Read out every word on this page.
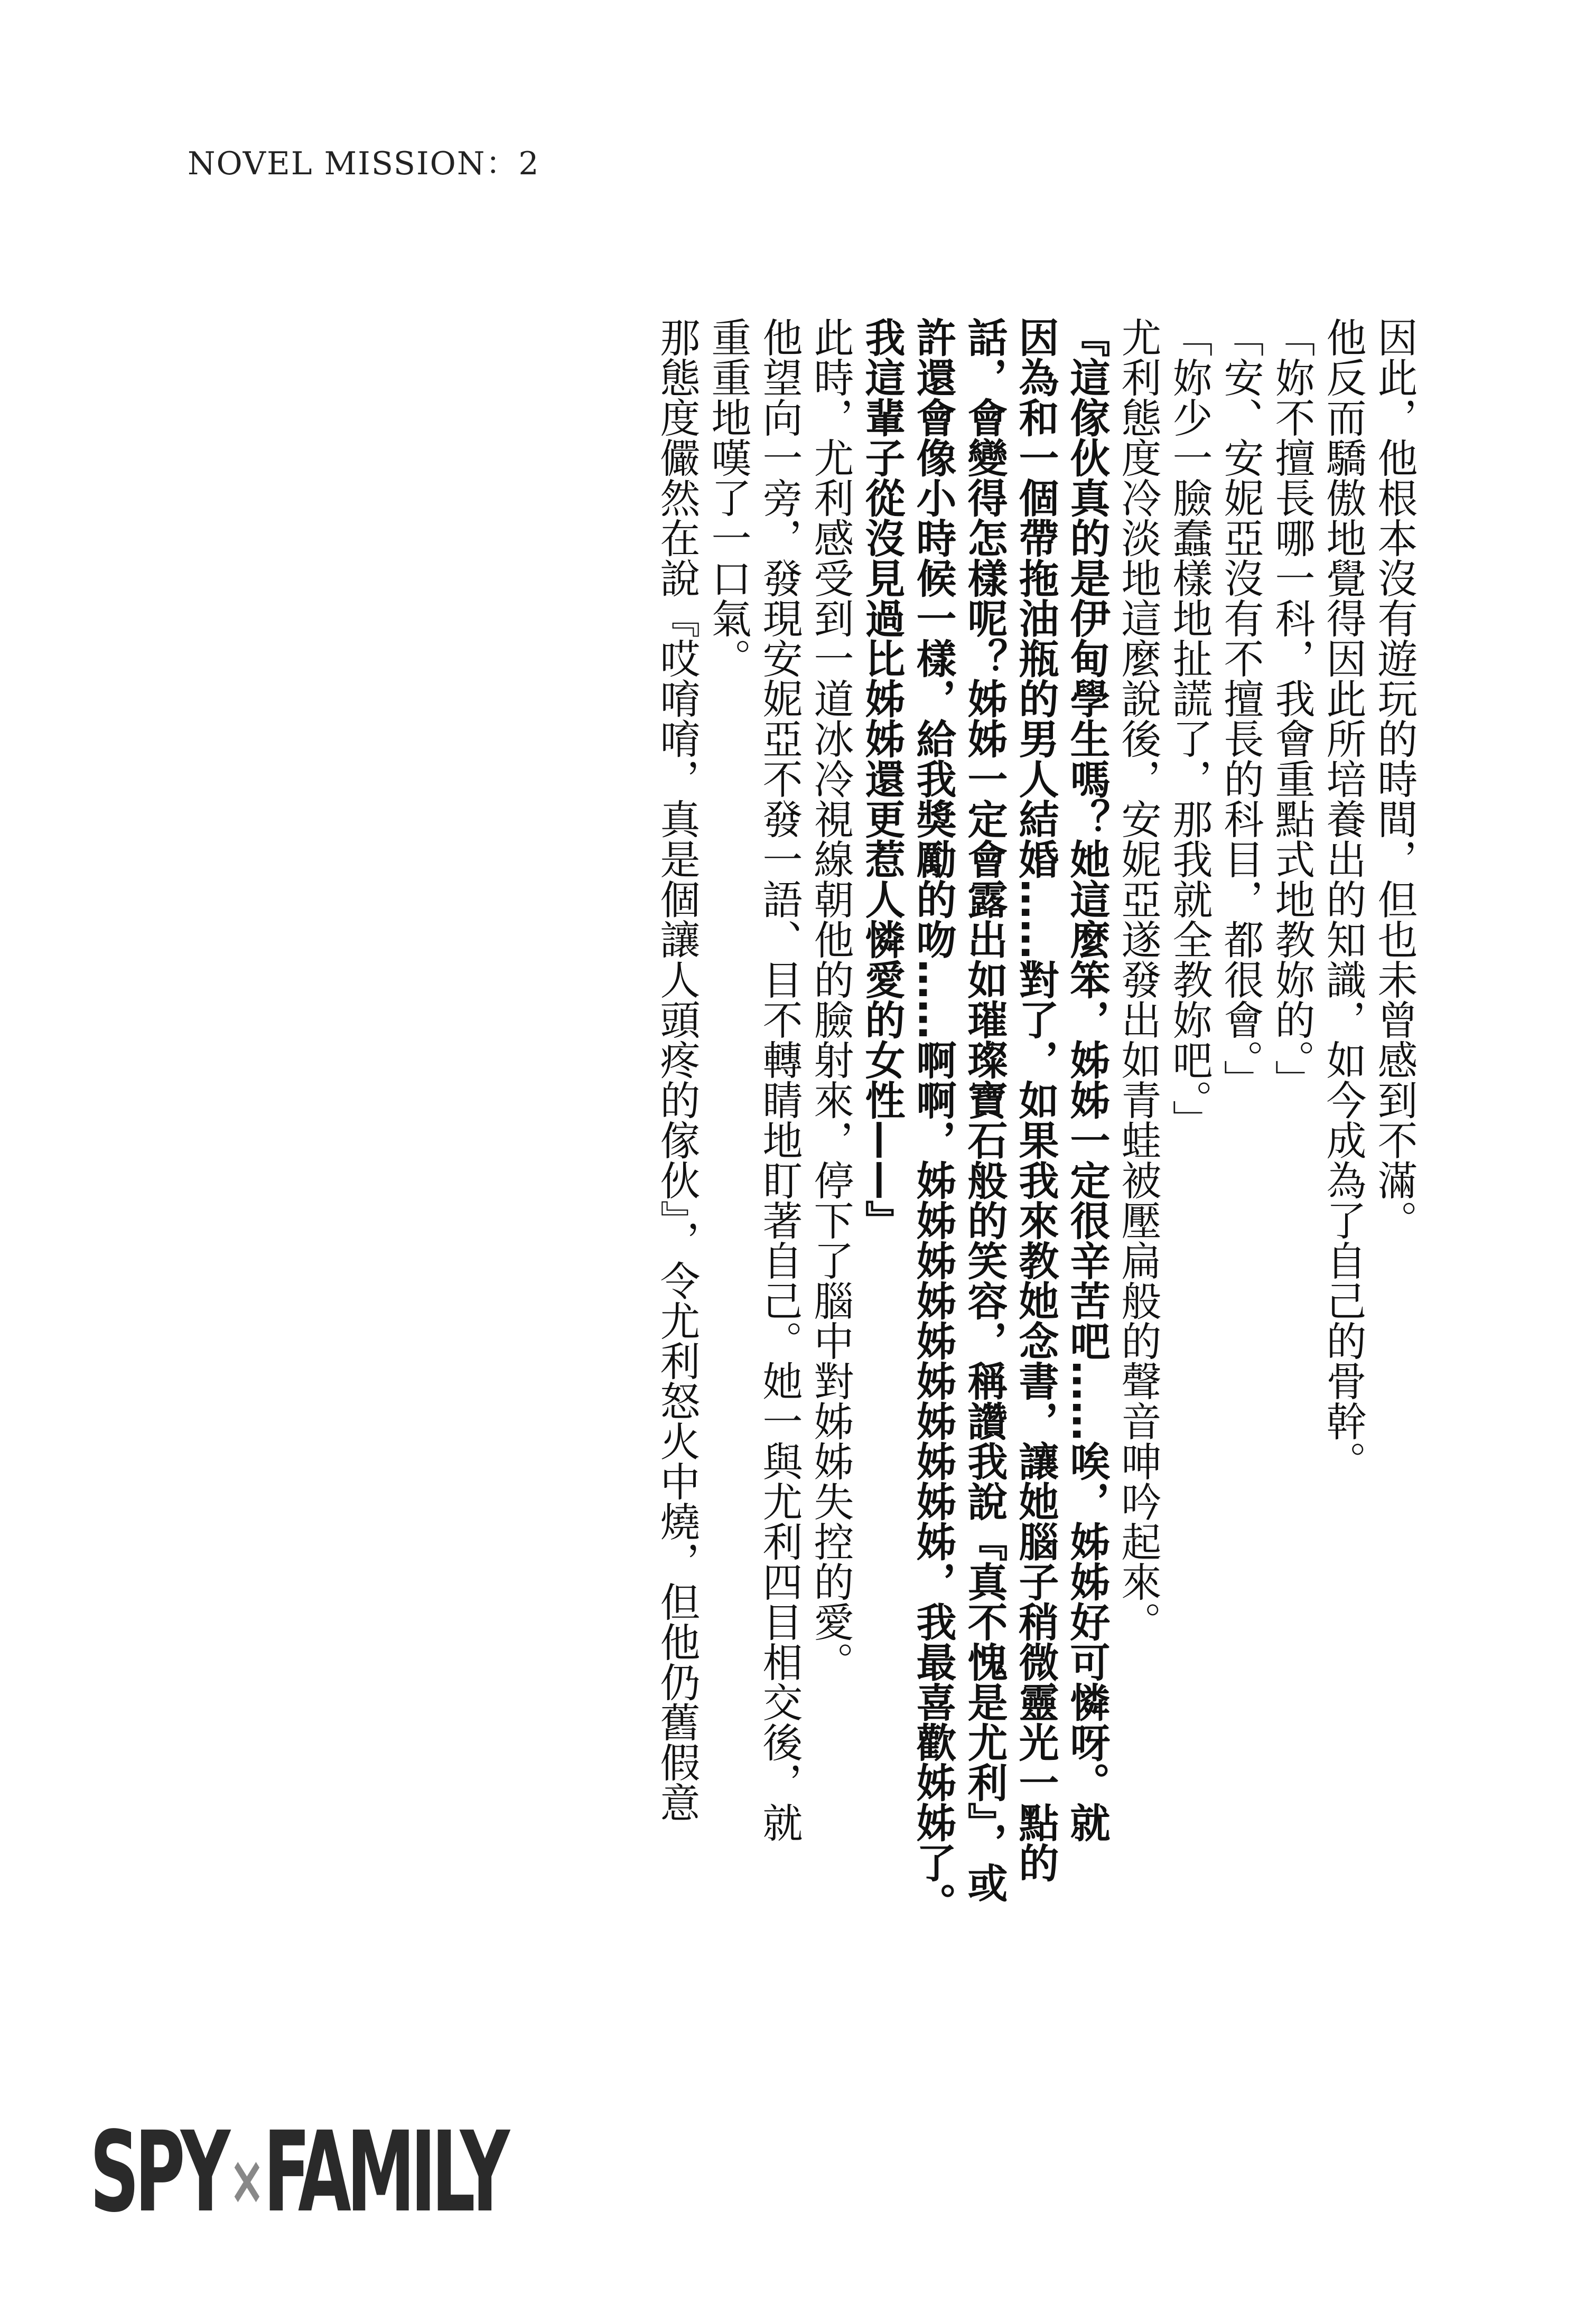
NOVEL MISSION：2
因此，他根本沒有遊玩的時間，但也未曾感到不滿。
他反而驕傲地覺得因此所培養出的知識，如今成為了自己的骨幹。
「妳不擅長哪一科，我會重點式地教妳的。」
「安、安妮亞沒有不擅長的科目，都很會。」
「妳少一臉蠢樣地扯謊了，那我就全教妳吧。」
尤利態度冷淡地這麼說後，安妮亞遂發出如青蛙被壓扁般的聲音呻吟起來。
『這傢伙真的是伊甸學生嗎？她這麼笨，姊姊一定很辛苦吧……唉，姊姊好可憐呀。就
因為和一個帶拖油瓶的男人結婚……對了，如果我來教她念書，讓她腦子稍微靈光一點的
話，會變得怎樣呢？姊姊一定會露出如璀璨寶石般的笑容，稱讚我說『真不愧是尤利』，或
許還會像小時候一樣，給我獎勵的吻……啊啊，姊姊姊姊姊姊姊姊姊姊，我最喜歡姊姊了。
我這輩子從沒見過比姊姊還更惹人憐愛的女性——』
此時，尤利感受到一道冰冷視線朝他的臉射來，停下了腦中對姊姊失控的愛。
他望向一旁，發現安妮亞不發一語、目不轉睛地盯著自己。她一與尤利四目相交後，就
重重地嘆了一口氣。
那態度儼然在說『哎唷唷，真是個讓人頭疼的傢伙』，令尤利怒火中燒，但他仍舊假意
SPY×FAMILY
